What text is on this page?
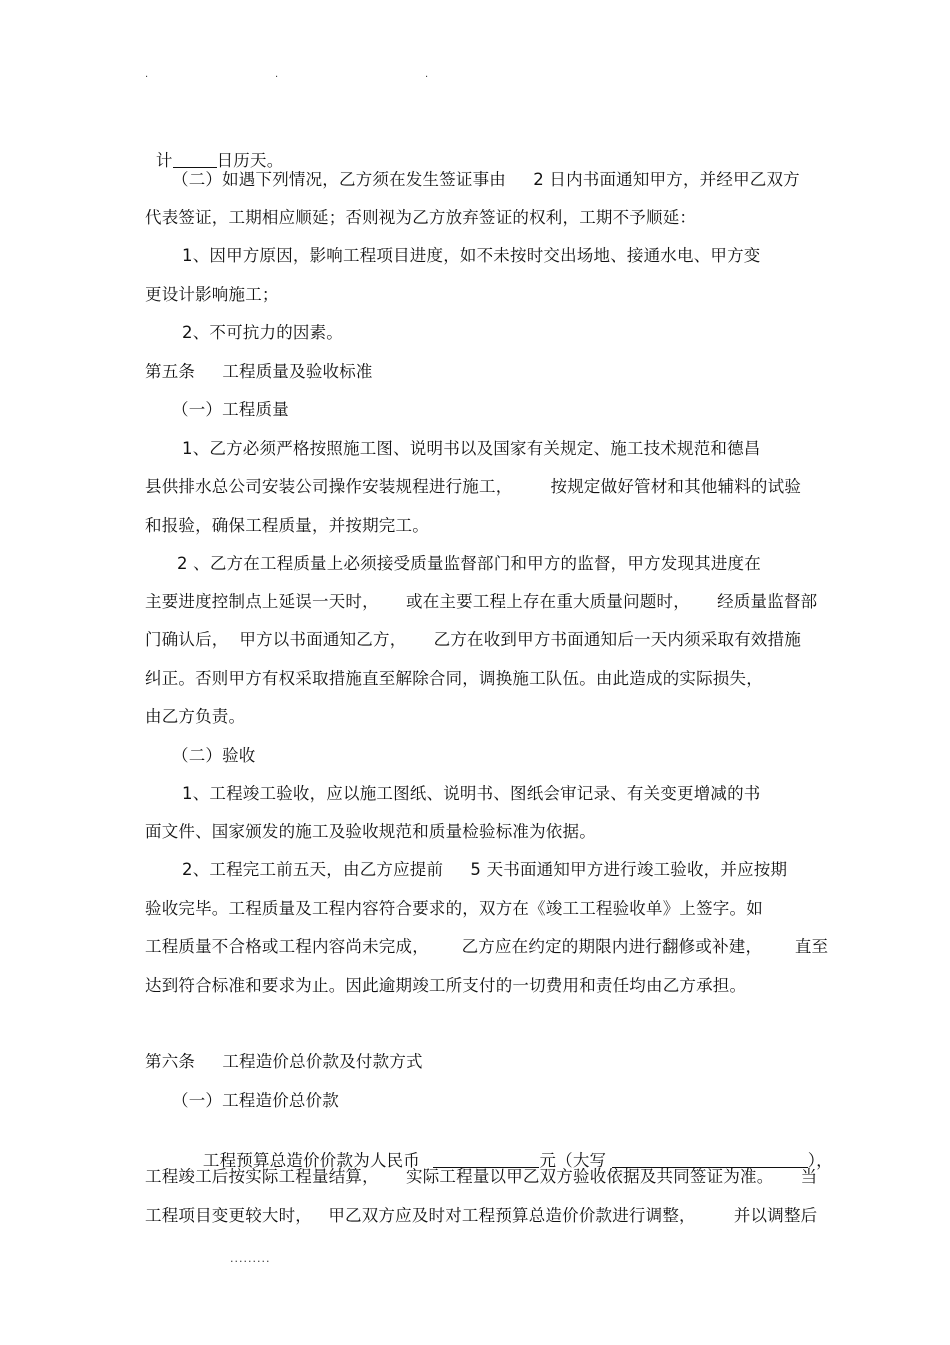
.	.	.

计	日历天。

（二）如遇下列情况，乙方须在发生签证事由     2 日内书面通知甲方，并经甲乙双方
代表签证，工期相应顺延；否则视为乙方放弃签证的权利，工期不予顺延：
1、因甲方原因，影响工程项目进度，如不未按时交出场地、接通水电、甲方变
更设计影响施工；
2、不可抗力的因素。
第五条     工程质量及验收标准
（一）工程质量
1、乙方必须严格按照施工图、说明书以及国家有关规定、施工技术规范和德昌
县供排水总公司安装公司操作安装规程进行施工，       按规定做好管材和其他辅料的试验
和报验，确保工程质量，并按期完工。
2 、乙方在工程质量上必须接受质量监督部门和甲方的监督，甲方发现其进度在
主要进度控制点上延误一天时，     或在主要工程上存在重大质量问题时，     经质量监督部
门确认后，  甲方以书面通知乙方，     乙方在收到甲方书面通知后一天内须采取有效措施
纠正。否则甲方有权采取措施直至解除合同，调换施工队伍。由此造成的实际损失，
由乙方负责。
（二）验收
1、工程竣工验收，应以施工图纸、说明书、图纸会审记录、有关变更增减的书
面文件、国家颁发的施工及验收规范和质量检验标准为依据。
2、工程完工前五天，由乙方应提前     5 天书面通知甲方进行竣工验收，并应按期
验收完毕。工程质量及工程内容符合要求的，双方在《竣工工程验收单》上签字。如
工程质量不合格或工程内容尚未完成，      乙方应在约定的期限内进行翻修或补建，      直至
达到符合标准和要求为止。因此逾期竣工所支付的一切费用和责任均由乙方承担。
第六条     工程造价总价款及付款方式
（一）工程造价总价款

工程预算总造价价款为人民币	元（大写	），

工程竣工后按实际工程量结算，     实际工程量以甲乙双方验收依据及共同签证为准。     当
工程项目变更较大时，   甲乙双方应及时对工程预算总造价价款进行调整，       并以调整后
.........
